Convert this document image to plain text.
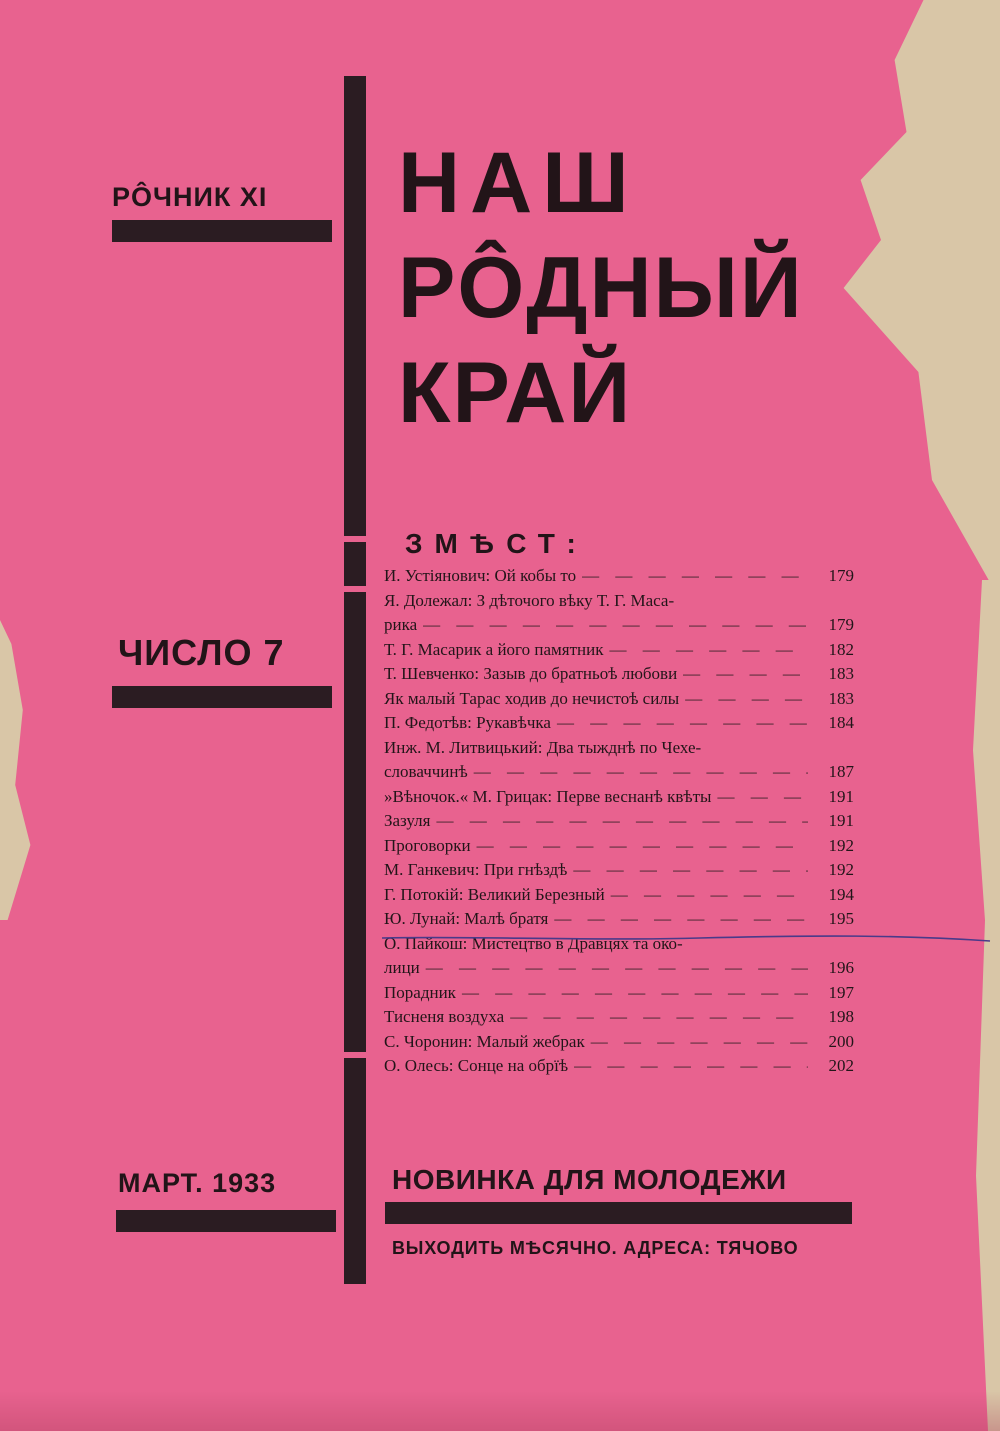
РÔЧНИК XI
ЧИСЛО 7
МАРТ. 1933
НАШ
РÔДНЫЙ
КРАЙ
ЗМѢСТ:
И. Устіянович: Ой кобы то — — —	179
Я. Долежал: З дѣточого вѣку Т. Г. Маса-
рика — — —	179
Т. Г. Масарик а його памятник — — —	182
Т. Шевченко: Зазыв до братньоѣ любови — — —	183
Як малый Тарас ходив до нечистоѣ силы — — —	183
П. Федотѣв: Рукавѣчка — — —	184
Инж. М. Литвицький: Два тыжднѣ по Чехе-
словаччинѣ — — —	187
»Вѣночок.« М. Грицак: Перве веснанѣ квѣты — — —	191
Зазуля — — —	191
Проговорки — — —	192
М. Ганкевич: При гнѣздѣ — — —	192
Г. Потокій: Великий Березный — — —	194
Ю. Лунай: Малѣ братя — — —	195
О. Пайкош: Мистецтво в Дравцях та око-
лици — — —	196
Порадник — — —	197
Тисненя воздуха — — —	198
С. Чоронин: Малый жебрак — — —	200
О. Олесь: Сонце на обрїѣ — — —	202
НОВИНКА ДЛЯ МОЛОДЕЖИ
ВЫХОДИТЬ МѢСЯЧНО. АДРЕСА: ТЯЧОВО
